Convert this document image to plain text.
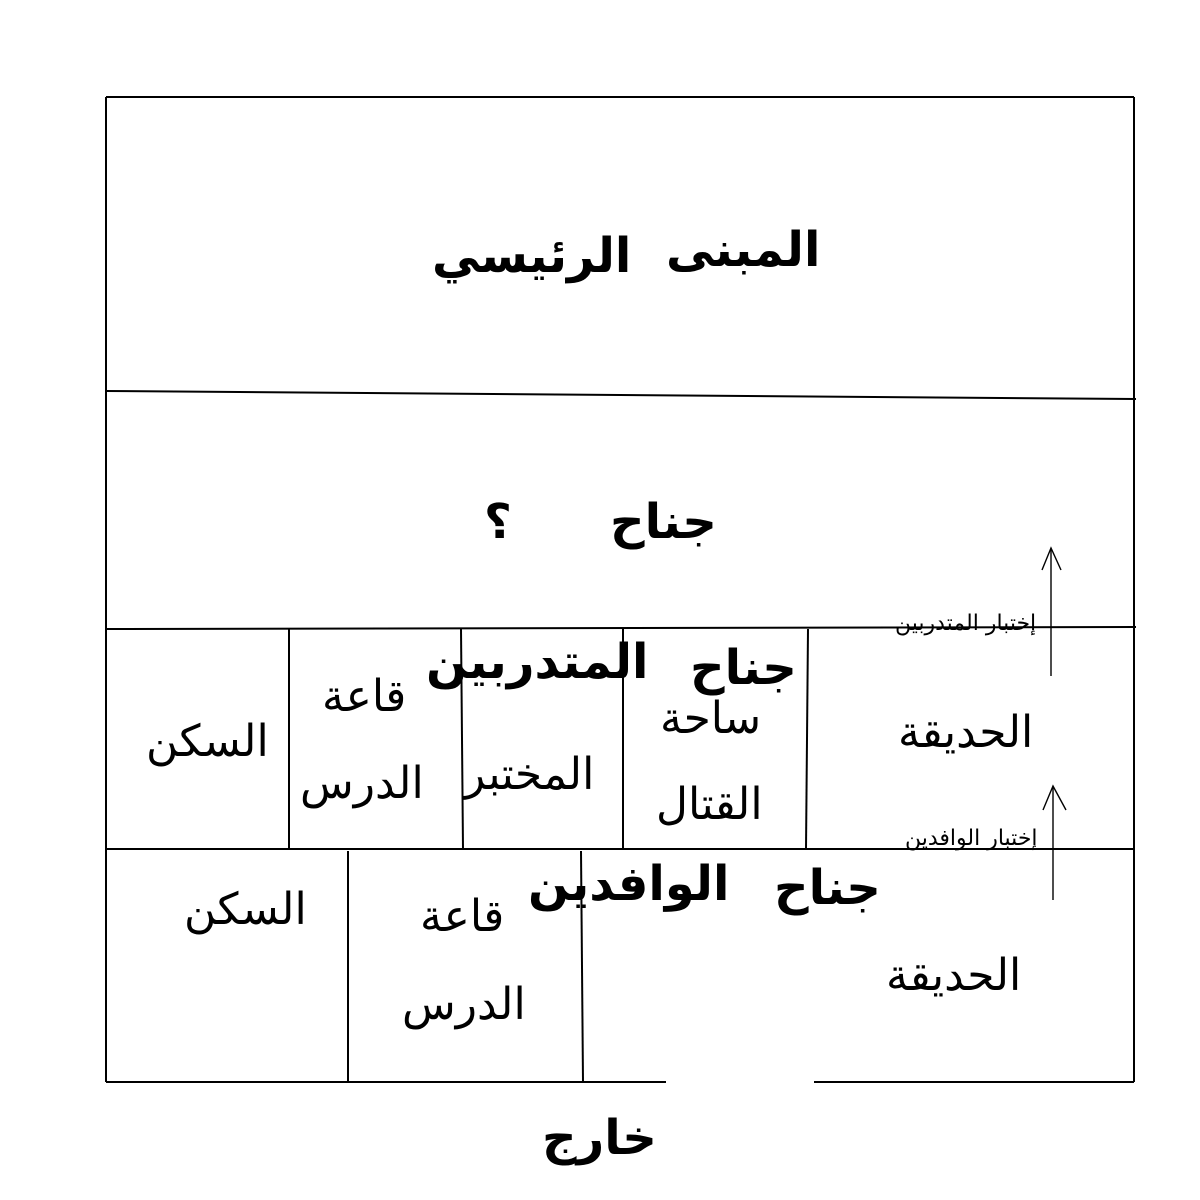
المبنى
الرئيسي
جناح
؟
جناح
المتدربين
السكن
قاعة
الدرس المختبر
ساحة
القتال
الحديقة
إختبار المتدربين
جناح
الوافدين
السكن	قاعة
الدرس
الحديقة
إختبار الوافدين
خارج
